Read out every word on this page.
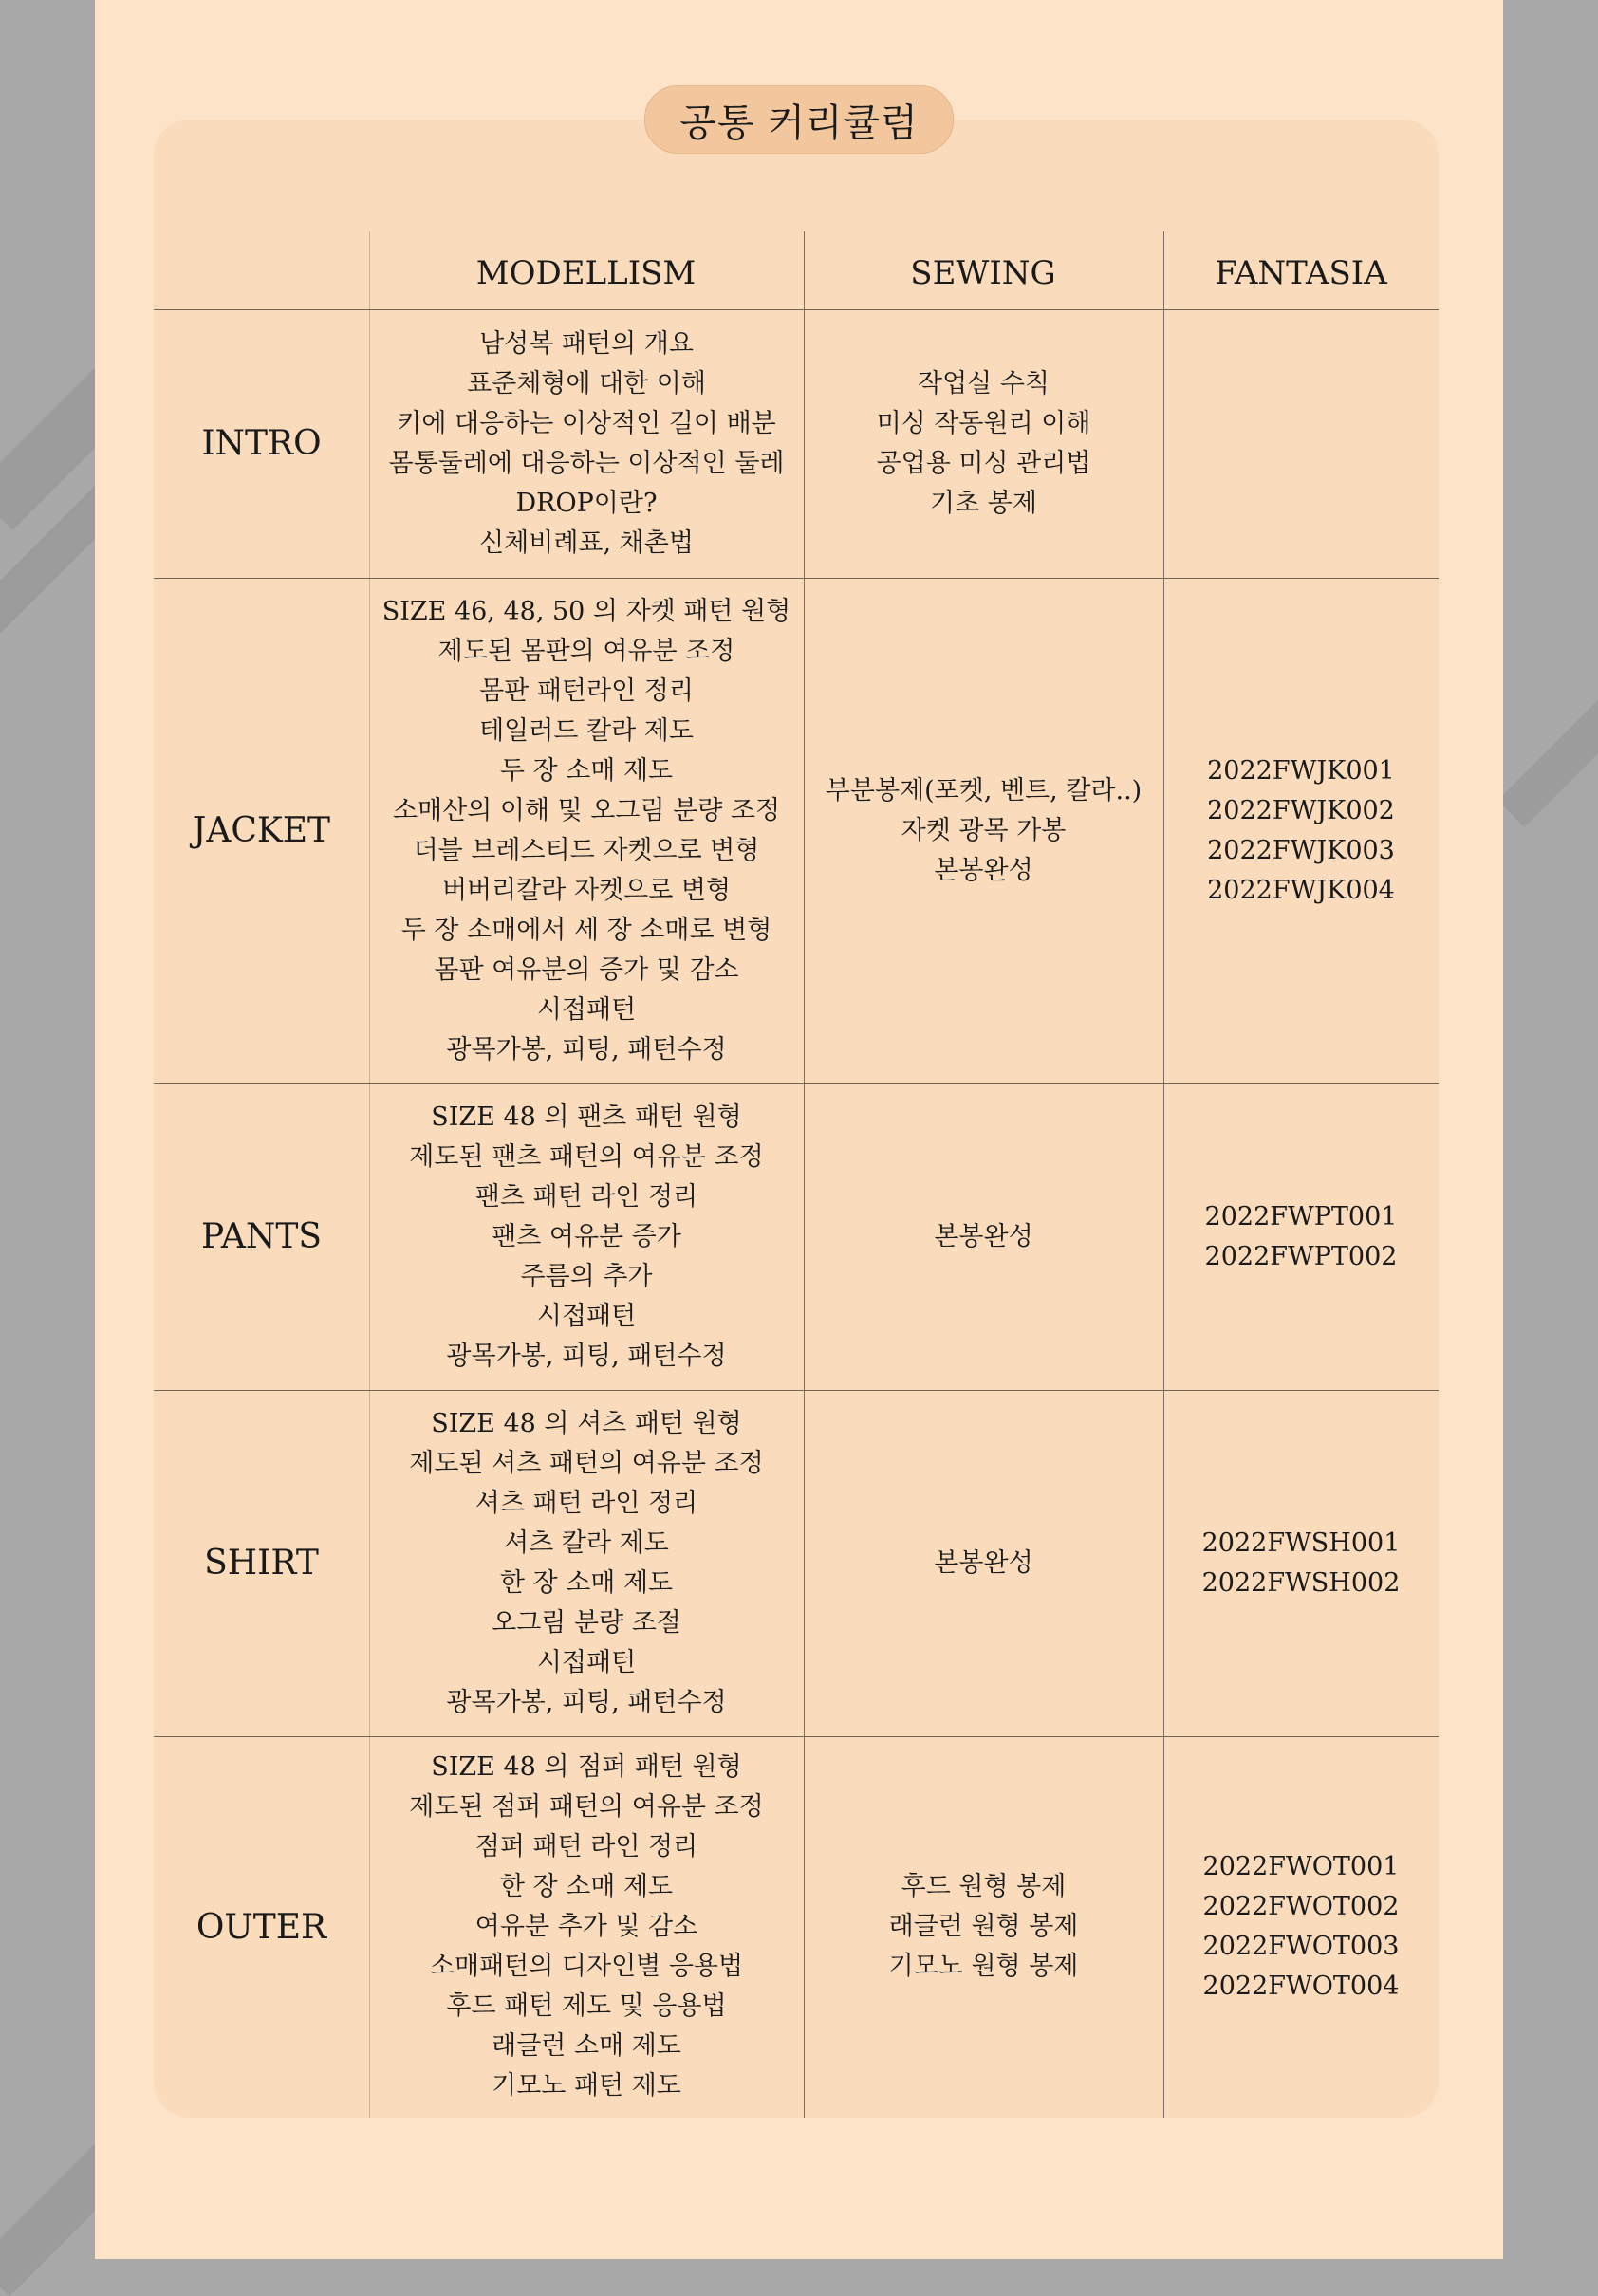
공통 커리큘럼
MODELLISM	SEWING	FANTASIA
INTRO
남성복 패턴의 개요
표준체형에 대한 이해
키에 대응하는 이상적인 길이 배분
몸통둘레에 대응하는 이상적인 둘레
DROP이란?
신체비례표, 채촌법
작업실 수칙
미싱 작동원리 이해
공업용 미싱 관리법
기초 봉제
JACKET
SIZE 46, 48, 50 의 자켓 패턴 원형
제도된 몸판의 여유분 조정
몸판 패턴라인 정리
테일러드 칼라 제도
두 장 소매 제도
소매산의 이해 및 오그림 분량 조정
더블 브레스티드 자켓으로 변형
버버리칼라 자켓으로 변형
두 장 소매에서 세 장 소매로 변형
몸판 여유분의 증가 및 감소
시접패턴
광목가봉, 피팅, 패턴수정
부분봉제(포켓, 벤트, 칼라..)
자켓 광목 가봉
본봉완성
2022FWJK001
2022FWJK002
2022FWJK003
2022FWJK004
PANTS
SIZE 48 의 팬츠 패턴 원형
제도된 팬츠 패턴의 여유분 조정
팬츠 패턴 라인 정리
팬츠 여유분 증가
주름의 추가
시접패턴
광목가봉, 피팅, 패턴수정
본봉완성
2022FWPT001
2022FWPT002
SHIRT
SIZE 48 의 셔츠 패턴 원형
제도된 셔츠 패턴의 여유분 조정
셔츠 패턴 라인 정리
셔츠 칼라 제도
한 장 소매 제도
오그림 분량 조절
시접패턴
광목가봉, 피팅, 패턴수정
본봉완성
2022FWSH001
2022FWSH002
OUTER
SIZE 48 의 점퍼 패턴 원형
제도된 점퍼 패턴의 여유분 조정
점퍼 패턴 라인 정리
한 장 소매 제도
여유분 추가 및 감소
소매패턴의 디자인별 응용법
후드 패턴 제도 및 응용법
래글런 소매 제도
기모노 패턴 제도
후드 원형 봉제
래글런 원형 봉제
기모노 원형 봉제
2022FWOT001
2022FWOT002
2022FWOT003
2022FWOT004
